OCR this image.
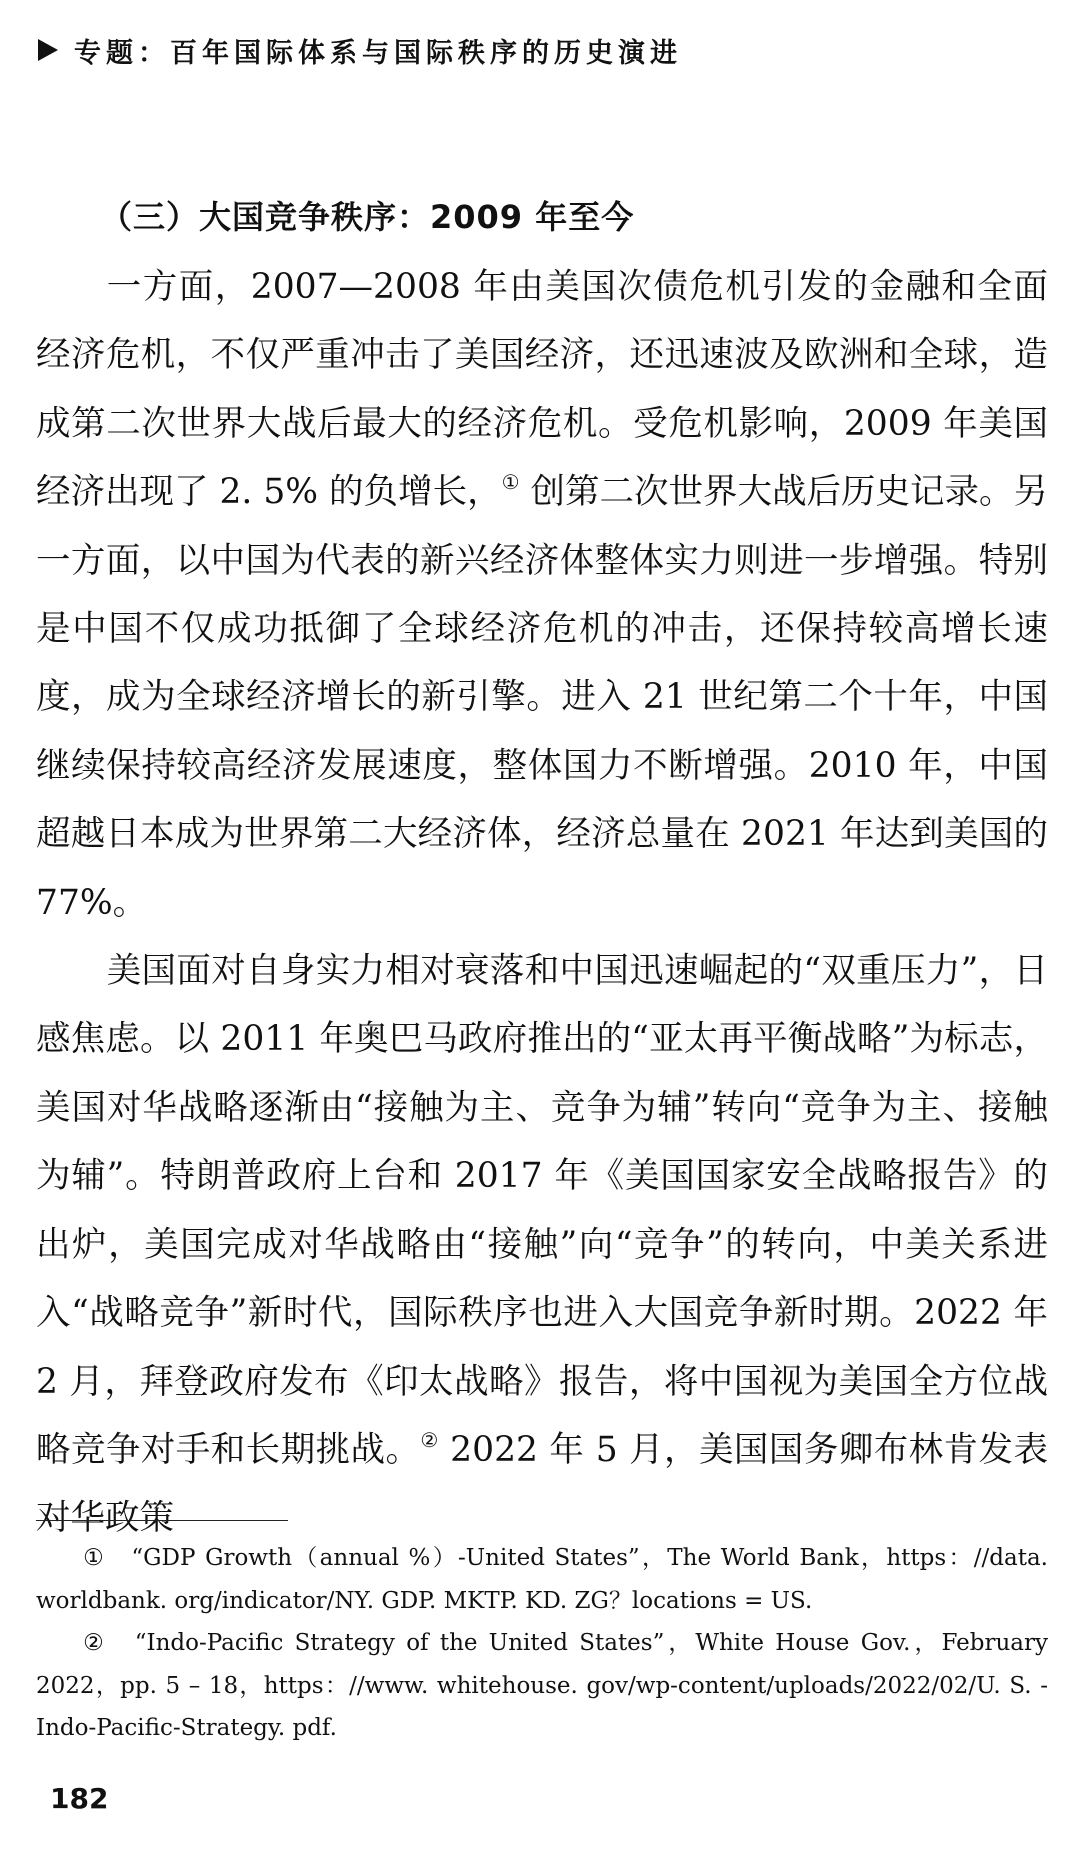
专题：百年国际体系与国际秩序的历史演进
（三）大国竞争秩序：2009 年至今

一方面，2007—2008 年由美国次债危机引发的金融和全面经济危机，不仅严重冲击了美国经济，还迅速波及欧洲和全球，造成第二次世界大战后最大的经济危机。受危机影响，2009 年美国经济出现了 2. 5% 的负增长，① 创第二次世界大战后历史记录。另一方面，以中国为代表的新兴经济体整体实力则进一步增强。特别是中国不仅成功抵御了全球经济危机的冲击，还保持较高增长速度，成为全球经济增长的新引擎。进入 21 世纪第二个十年，中国继续保持较高经济发展速度，整体国力不断增强。2010 年，中国超越日本成为世界第二大经济体，经济总量在 2021 年达到美国的 77%。

美国面对自身实力相对衰落和中国迅速崛起的“双重压力”，日感焦虑。以 2011 年奥巴马政府推出的“亚太再平衡战略”为标志，美国对华战略逐渐由“接触为主、竞争为辅”转向“竞争为主、接触为辅”。特朗普政府上台和 2017 年《美国国家安全战略报告》的出炉，美国完成对华战略由“接触”向“竞争”的转向，中美关系进入“战略竞争”新时代，国际秩序也进入大国竞争新时期。2022 年 2 月，拜登政府发布《印太战略》报告，将中国视为美国全方位战略竞争对手和长期挑战。② 2022 年 5 月，美国国务卿布林肯发表对华政策

①　“GDP Growth（annual %）-United States”，The World Bank，https：//data. worldbank. org/indicator/NY. GDP. MKTP. KD. ZG？locations = US.

②　“Indo-Pacific Strategy of the United States”，White House Gov.，February 2022，pp. 5 – 18，https：//www. whitehouse. gov/wp-content/uploads/2022/02/U. S. -Indo-Pacific-Strategy. pdf.

182
